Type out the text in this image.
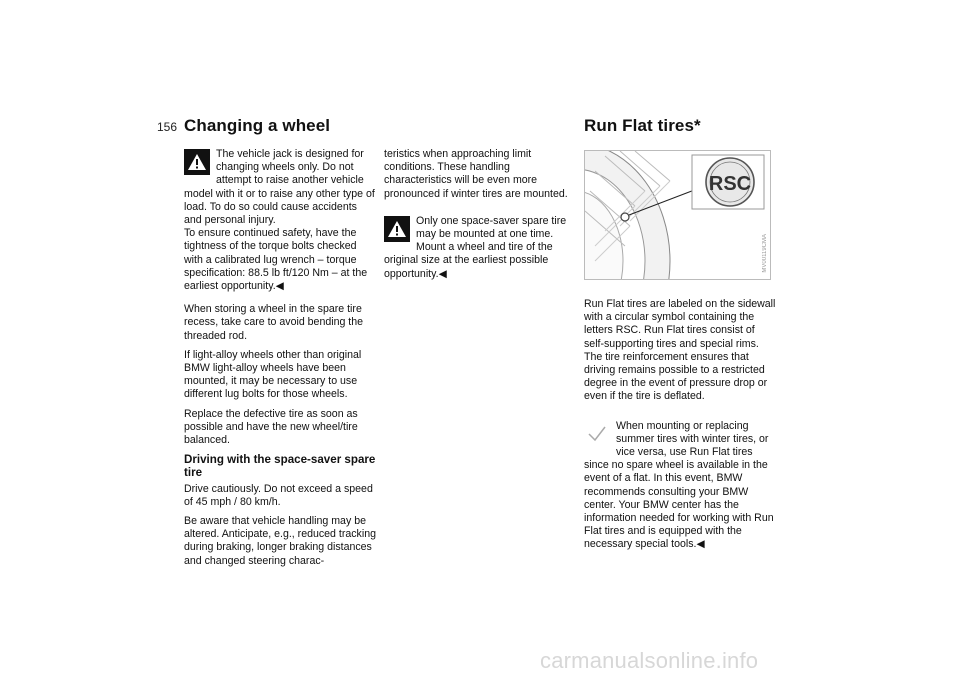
156 Changing a wheel
The vehicle jack is designed for changing wheels only. Do not attempt to raise another vehicle model with it or to raise any other type of load. To do so could cause accidents and personal injury.
To ensure continued safety, have the tightness of the torque bolts checked with a calibrated lug wrench – torque specification: 88.5 lb ft/120 Nm – at the earliest opportunity.◀

When storing a wheel in the spare tire recess, take care to avoid bending the threaded rod.

If light-alloy wheels other than original BMW light-alloy wheels have been mounted, it may be necessary to use different lug bolts for those wheels.

Replace the defective tire as soon as possible and have the new wheel/tire balanced.

Driving with the space-saver spare tire

Drive cautiously. Do not exceed a speed of 45 mph / 80 km/h.

Be aware that vehicle handling may be altered. Anticipate, e.g., reduced tracking during braking, longer braking distances and changed steering charac-

teristics when approaching limit conditions. These handling characteristics will be even more pronounced if winter tires are mounted.

Only one space-saver spare tire may be mounted at one time. Mount a wheel and tire of the original size at the earliest possible opportunity.◀
Run Flat tires*
RSC
MV00119CMA

Run Flat tires are labeled on the sidewall with a circular symbol containing the letters RSC. Run Flat tires consist of self-supporting tires and special rims. The tire reinforcement ensures that driving remains possible to a restricted degree in the event of pressure drop or even if the tire is deflated.

When mounting or replacing summer tires with winter tires, or vice versa, use Run Flat tires since no spare wheel is available in the event of a flat. In this event, BMW recommends consulting your BMW center. Your BMW center has the information needed for working with Run Flat tires and is equipped with the necessary special tools.◀
carmanualsonline.info
